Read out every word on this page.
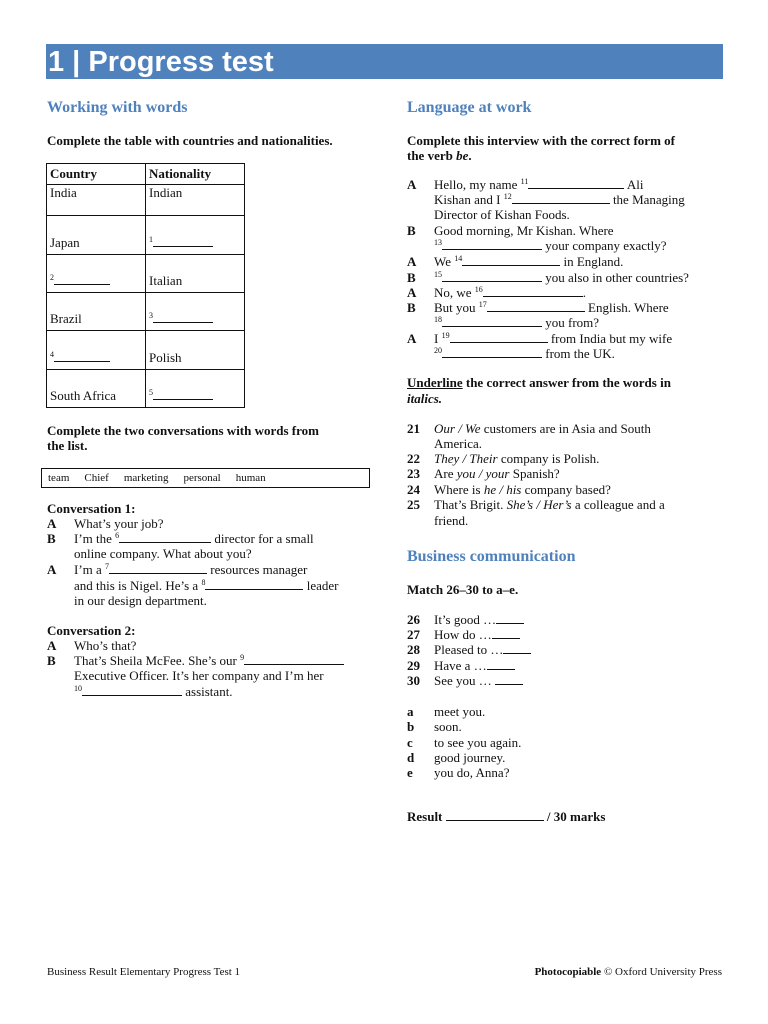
1 | Progress test
Working with words
Complete the table with countries and nationalities.
Country	Nationality
India	Indian
Japan	$^1$
$^2$	Italian
Brazil	$^3$
$^4$	Polish
South Africa	$^5$
Complete the two conversations with words from
the list.
team Chief marketing personal human
Conversation 1:
A What’s your job?
B I’m the $^6$	director for a small
online company. What about you?
A I’m a $^7$	resources manager
and this is Nigel. He’s a $^8$	leader
in our design department.
Conversation 2:
A Who’s that?
B That’s Sheila McFee. She’s our $^9$
Executive Officer. It’s her company and I’m her
$^{10}$	assistant.
Language at work
Complete this interview with the correct form of
the verb be.
A Hello, my name $^{11}$	Ali
Kishan and I $^{12}$	the Managing
Director of Kishan Foods.
B Good morning, Mr Kishan. Where
$^{13}$	your company exactly?
A We $^{14}$	in England.
B $^{15}$	you also in other countries?
A No, we $^{16}$	.
B But you $^{17}$	English. Where
$^{18}$	you from?
A I $^{19}$	from India but my wife
$^{20}$	from the UK.
Underline the correct answer from the words in
italics.
21 Our / We customers are in Asia and South
America.
22 They / Their company is Polish.
23 Are you / your Spanish?
24 Where is he / his company based?
25 That’s Brigit. She’s / Her’s a colleague and a
friend.
Business communication
Match 26–30 to a–e.
26 It’s good …
27 How do …
28 Pleased to …
29 Have a …
30 See you …
a meet you.
b soon.
c to see you again.
d good journey.
e you do, Anna?
Result	/ 30 marks
Business Result Elementary Progress Test 1	Photocopiable © Oxford University Press
